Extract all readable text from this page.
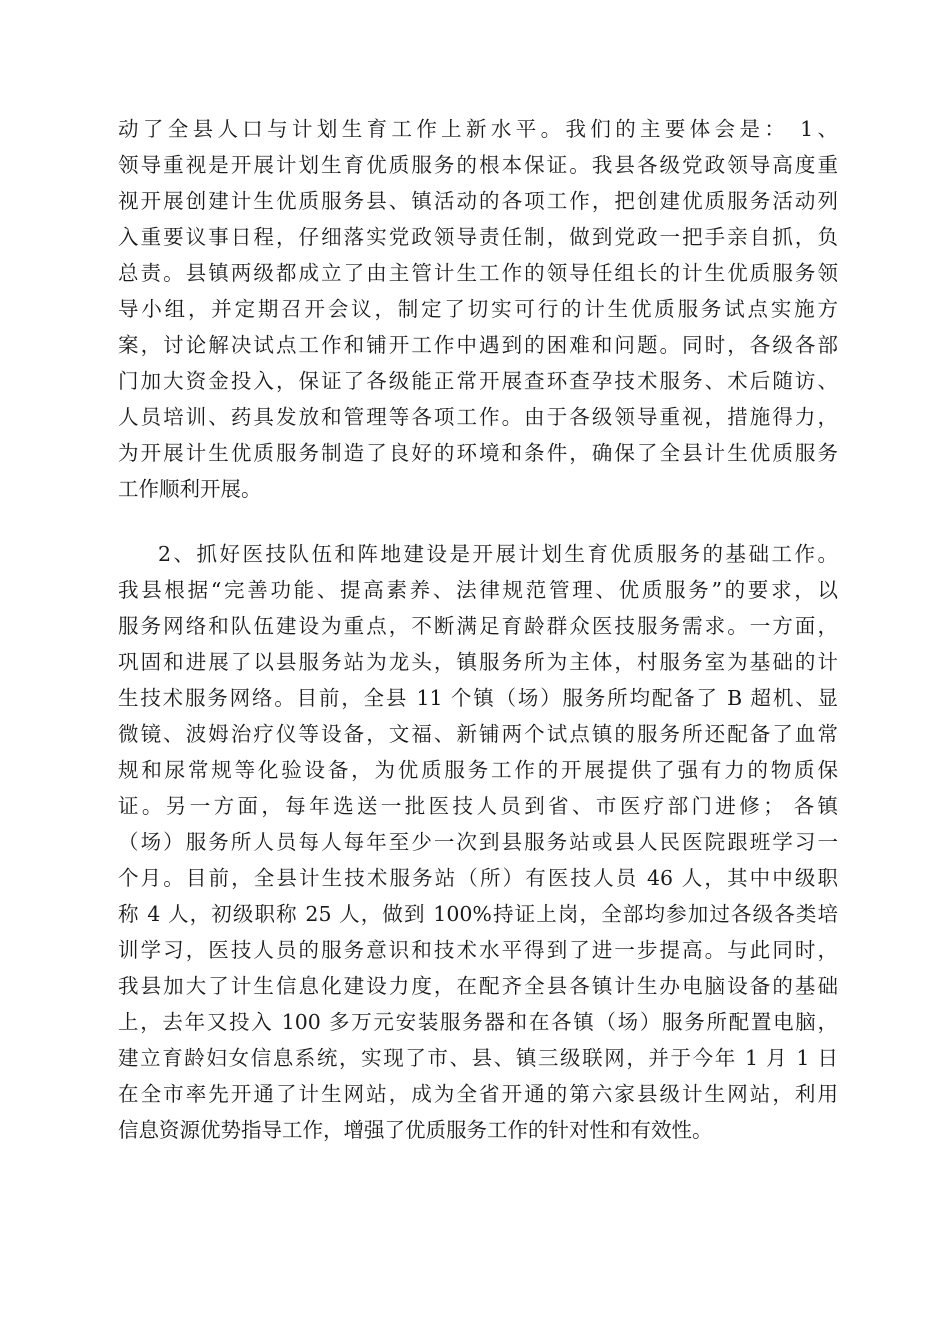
动了全县人口与计划生育工作上新水平。我们的主要体会是： 1、
领导重视是开展计划生育优质服务的根本保证。我县各级党政领导高度重
视开展创建计生优质服务县、镇活动的各项工作，把创建优质服务活动列
入重要议事日程，仔细落实党政领导责任制，做到党政一把手亲自抓，负
总责。县镇两级都成立了由主管计生工作的领导任组长的计生优质服务领
导小组，并定期召开会议，制定了切实可行的计生优质服务试点实施方
案，讨论解决试点工作和铺开工作中遇到的困难和问题。同时，各级各部
门加大资金投入，保证了各级能正常开展查环查孕技术服务、术后随访、
人员培训、药具发放和管理等各项工作。由于各级领导重视，措施得力，
为开展计生优质服务制造了良好的环境和条件，确保了全县计生优质服务
工作顺利开展。
2、抓好医技队伍和阵地建设是开展计划生育优质服务的基础工作。
我县根据“完善功能、提高素养、法律规范管理、优质服务”的要求，以
服务网络和队伍建设为重点，不断满足育龄群众医技服务需求。一方面，
巩固和进展了以县服务站为龙头，镇服务所为主体，村服务室为基础的计
生技术服务网络。目前，全县 11 个镇（场）服务所均配备了 B 超机、显
微镜、波姆治疗仪等设备，文福、新铺两个试点镇的服务所还配备了血常
规和尿常规等化验设备，为优质服务工作的开展提供了强有力的物质保
证。另一方面，每年选送一批医技人员到省、市医疗部门进修； 各镇
（场）服务所人员每人每年至少一次到县服务站或县人民医院跟班学习一
个月。目前，全县计生技术服务站（所）有医技人员 46 人，其中中级职
称 4 人，初级职称 25 人，做到 100%持证上岗，全部均参加过各级各类培
训学习，医技人员的服务意识和技术水平得到了进一步提高。与此同时，
我县加大了计生信息化建设力度，在配齐全县各镇计生办电脑设备的基础
上，去年又投入 100 多万元安装服务器和在各镇（场）服务所配置电脑，
建立育龄妇女信息系统，实现了市、县、镇三级联网，并于今年 1 月 1 日
在全市率先开通了计生网站，成为全省开通的第六家县级计生网站，利用
信息资源优势指导工作，增强了优质服务工作的针对性和有效性。
